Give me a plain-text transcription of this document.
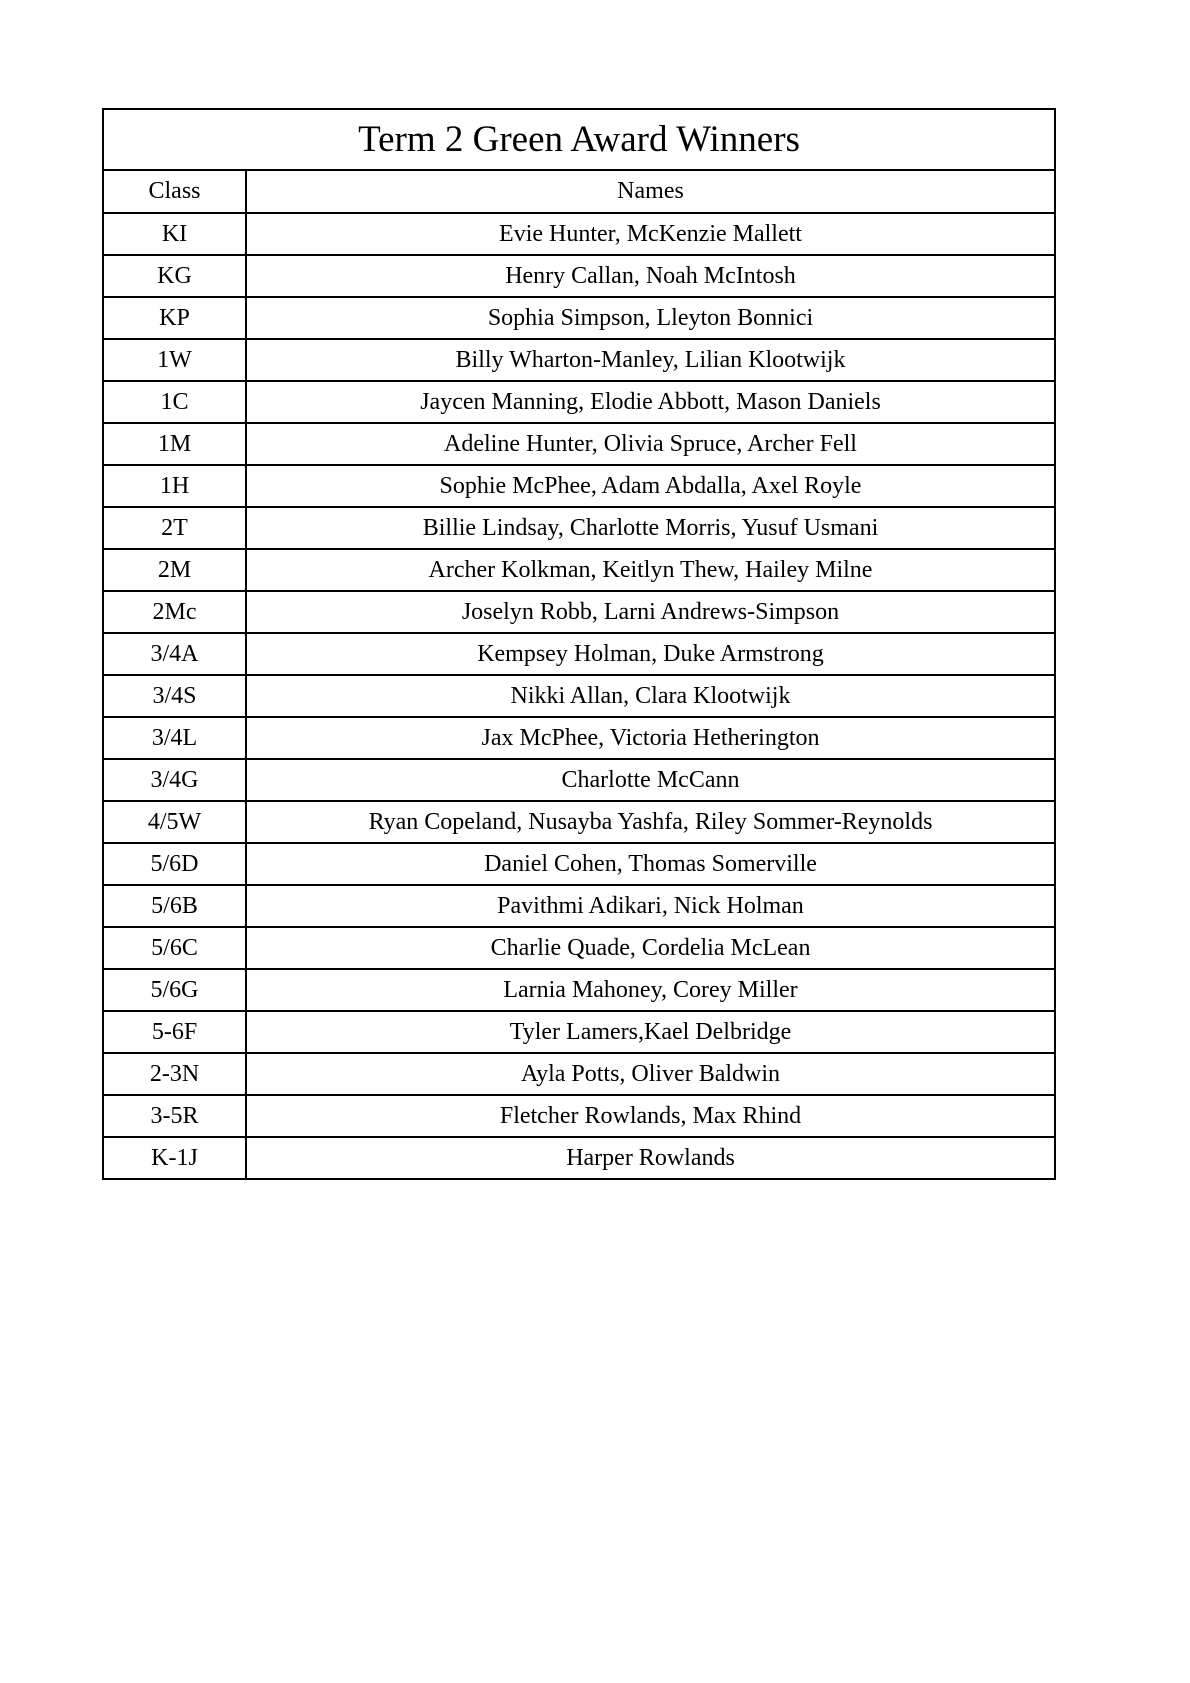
Term 2 Green Award Winners	
Class	Names
KI	Evie Hunter, McKenzie Mallett
KG	Henry Callan, Noah McIntosh
KP	Sophia Simpson, Lleyton Bonnici
1W	Billy Wharton-Manley, Lilian Klootwijk
1C	Jaycen Manning, Elodie Abbott, Mason Daniels
1M	Adeline Hunter, Olivia Spruce, Archer Fell
1H	Sophie McPhee, Adam Abdalla, Axel Royle
2T	Billie Lindsay, Charlotte Morris, Yusuf Usmani
2M	Archer Kolkman, Keitlyn Thew, Hailey Milne
2Mc	Joselyn Robb, Larni Andrews-Simpson
3/4A	Kempsey Holman, Duke Armstrong
3/4S	Nikki Allan, Clara Klootwijk
3/4L	Jax McPhee, Victoria Hetherington
3/4G	Charlotte McCann
4/5W	Ryan Copeland, Nusayba Yashfa, Riley Sommer-Reynolds
5/6D	Daniel Cohen, Thomas Somerville
5/6B	Pavithmi Adikari, Nick Holman
5/6C	Charlie Quade, Cordelia McLean
5/6G	Larnia Mahoney, Corey Miller
5-6F	Tyler Lamers,Kael Delbridge
2-3N	Ayla Potts, Oliver Baldwin
3-5R	Fletcher Rowlands, Max Rhind
K-1J	Harper Rowlands
